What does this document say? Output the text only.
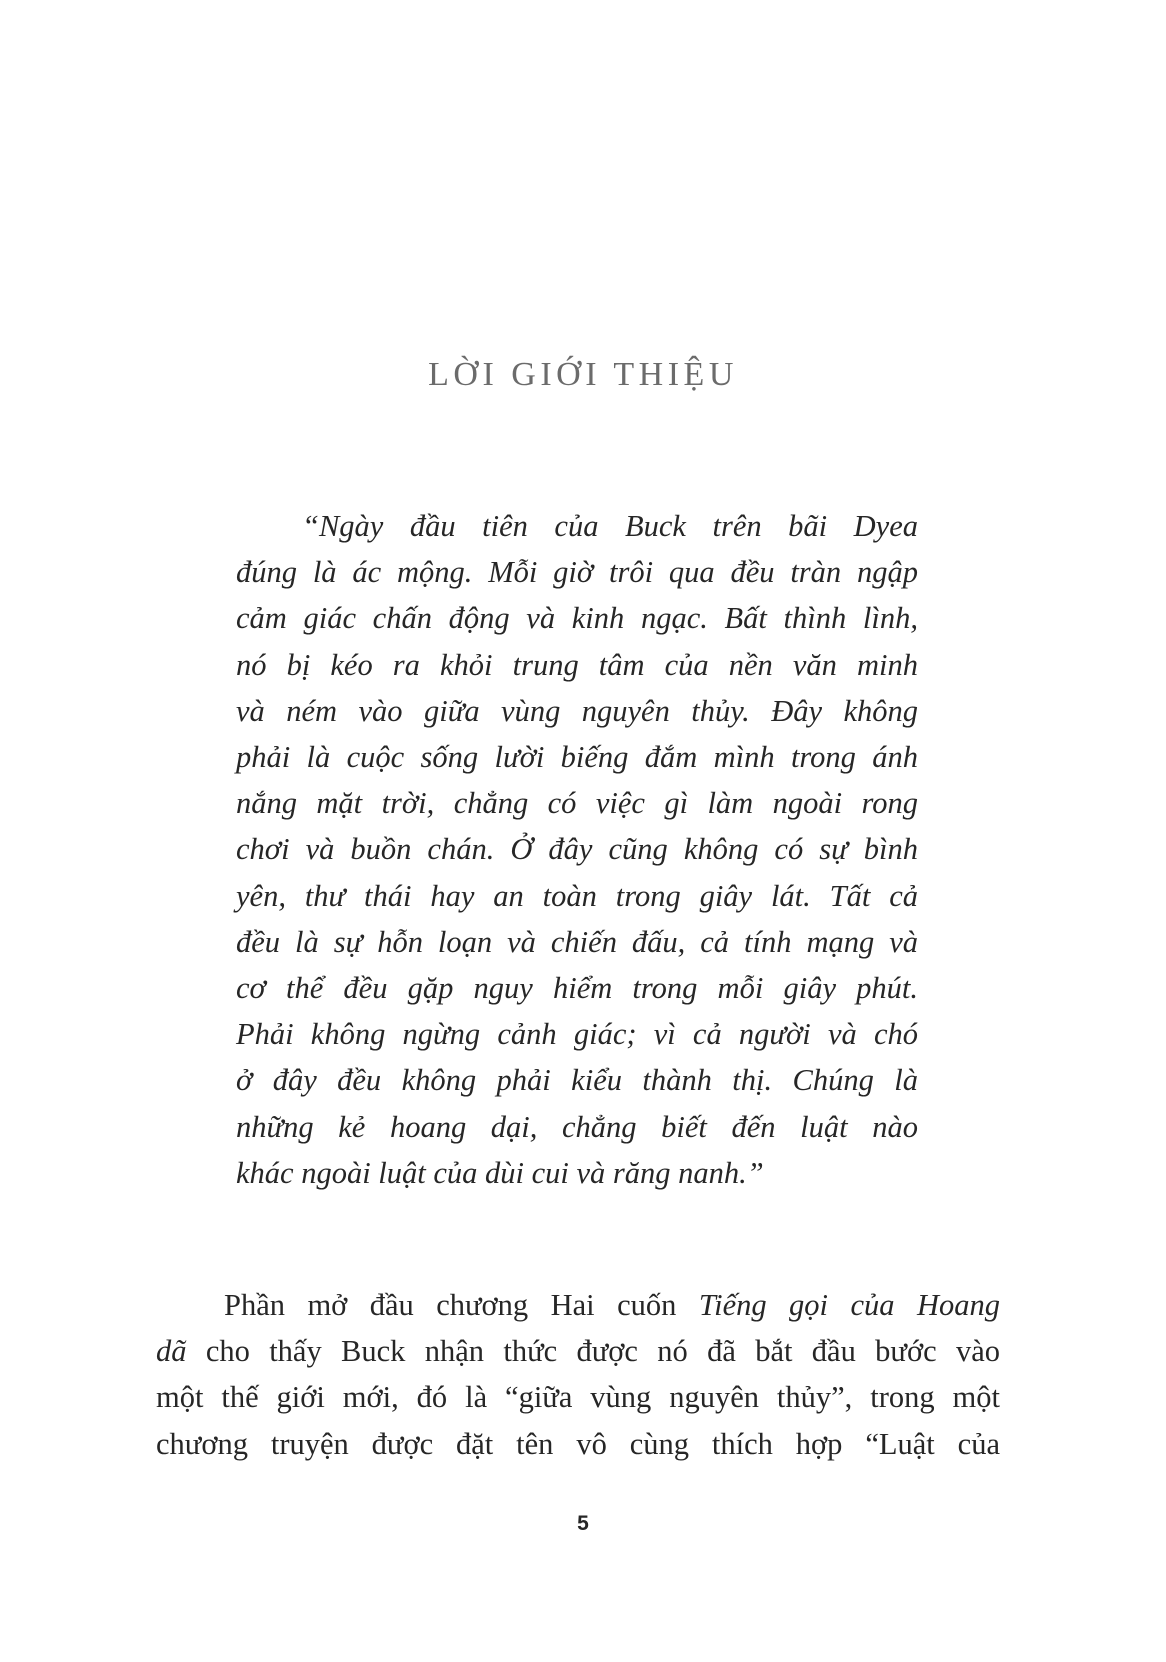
LỜI GIỚI THIỆU
“Ngày đầu tiên của Buck trên bãi Dyea
đúng là ác mộng. Mỗi giờ trôi qua đều tràn ngập
cảm giác chấn động và kinh ngạc. Bất thình lình,
nó bị kéo ra khỏi trung tâm của nền văn minh
và ném vào giữa vùng nguyên thủy. Đây không
phải là cuộc sống lười biếng đắm mình trong ánh
nắng mặt trời, chẳng có việc gì làm ngoài rong
chơi và buồn chán. Ở đây cũng không có sự bình
yên, thư thái hay an toàn trong giây lát. Tất cả
đều là sự hỗn loạn và chiến đấu, cả tính mạng và
cơ thể đều gặp nguy hiểm trong mỗi giây phút.
Phải không ngừng cảnh giác; vì cả người và chó
ở đây đều không phải kiểu thành thị. Chúng là
những kẻ hoang dại, chẳng biết đến luật nào
khác ngoài luật của dùi cui và răng nanh.”
Phần mở đầu chương Hai cuốn Tiếng gọi của Hoang
dã cho thấy Buck nhận thức được nó đã bắt đầu bước vào
một thế giới mới, đó là “giữa vùng nguyên thủy”, trong một
chương truyện được đặt tên vô cùng thích hợp “Luật của
5
